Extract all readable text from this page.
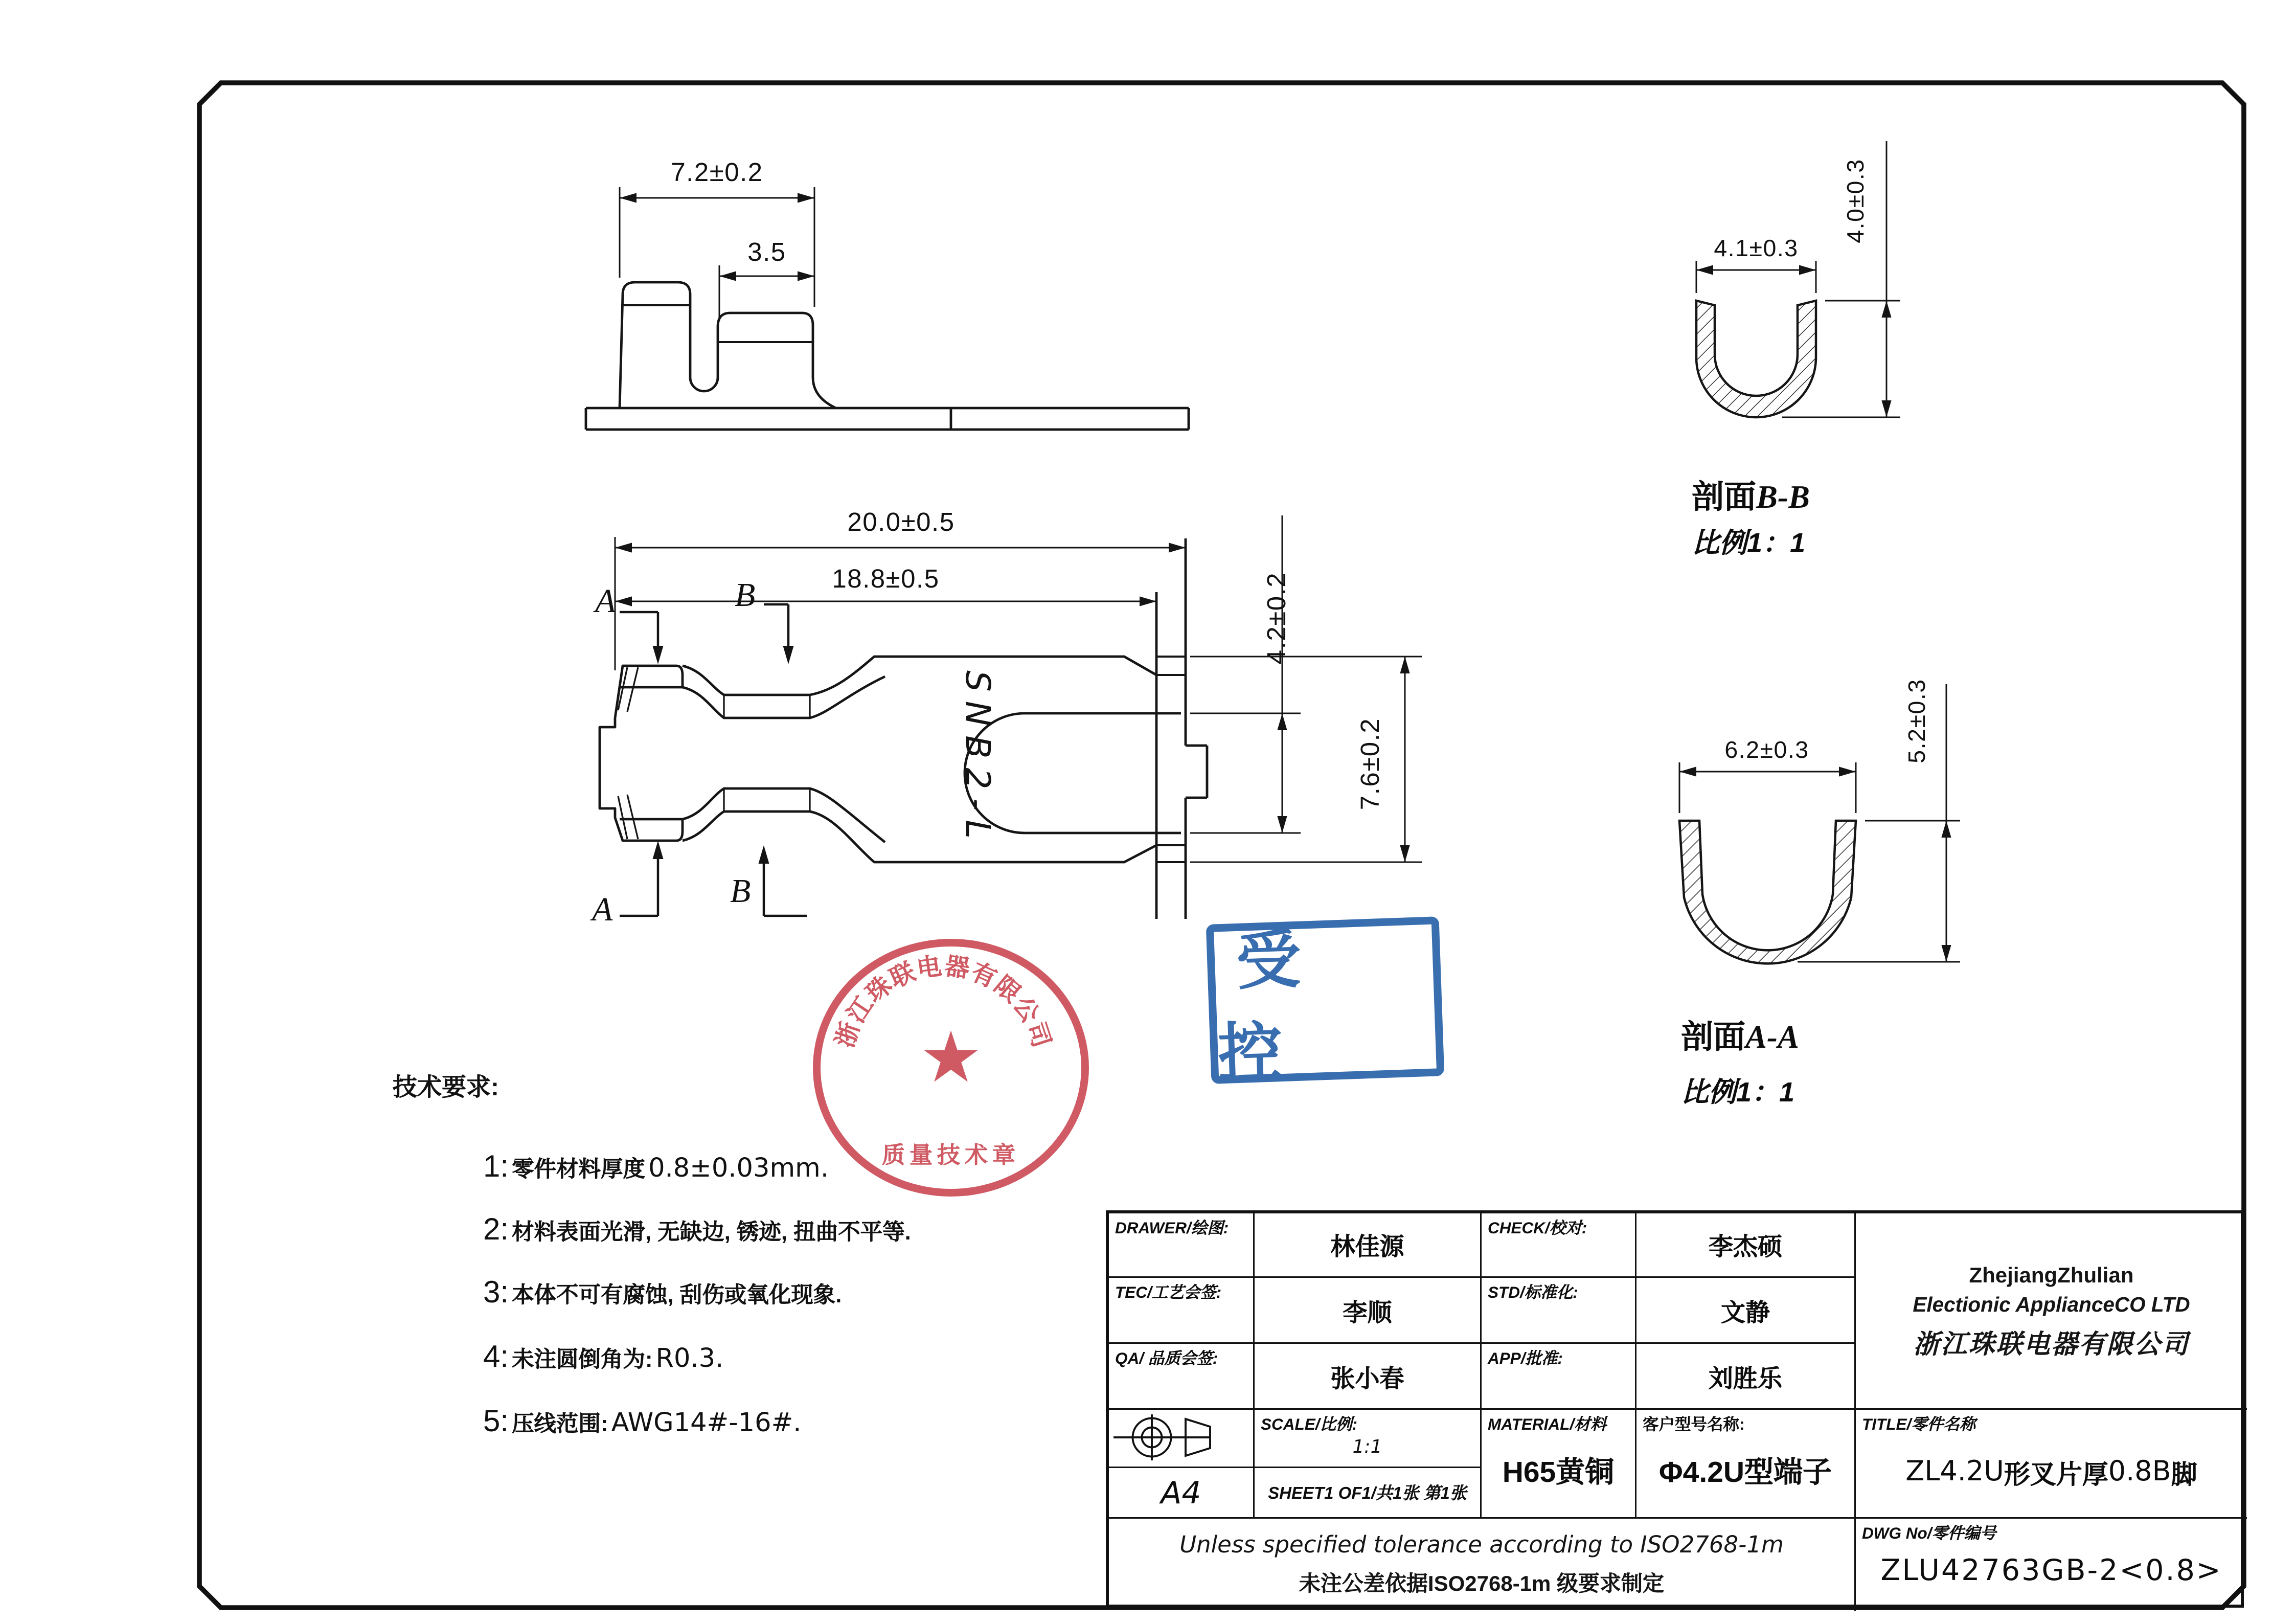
7.2±0.2
3.5
20.0±0.5
18.8±0.5	4.2±0.2
7.6±0.2
4.1±0.3
4.0±0.3
6.2±0.3	5.2±0.3
A	B
A	B
SNB2-L
剖面B-B
比例1：1
剖面A-A
比例1：1
技术要求:
1: 零件材料厚度 0.8±0.03mm.
2: 材料表面光滑, 无缺边, 锈迹, 扭曲不平等.
3: 本体不可有腐蚀, 刮伤或氧化现象.
4: 未注圆倒角为: R0.3.
5: 压线范围: AWG14#-16#.
浙
江
珠
联
电 器
有
限
公
司
★
质量技术章
受 控
DRAWER/绘图:
林佳源
CHECK/校对:
李杰硕
TEC/工艺会签:
李顺
STD/标准化:
文静
QA/ 品质会签:
张小春
APP/批准:
刘胜乐
ZhejiangZhulian
Electionic ApplianceCO LTD
浙江珠联电器有限公司
SCALE/比例:
1:1
A4	SHEET1 OF1/共1张 第1张
MATERIAL/材料
H65黄铜
客户型号名称:
Φ4.2U型端子
TITLE/零件名称
ZL4.2U 形叉片厚 0.8B 脚
Unless specified tolerance according to ISO2768-1m
未注公差依据ISO2768-1m 级要求制定
DWG No/零件编号
ZLU42763GB-2<0.8>
